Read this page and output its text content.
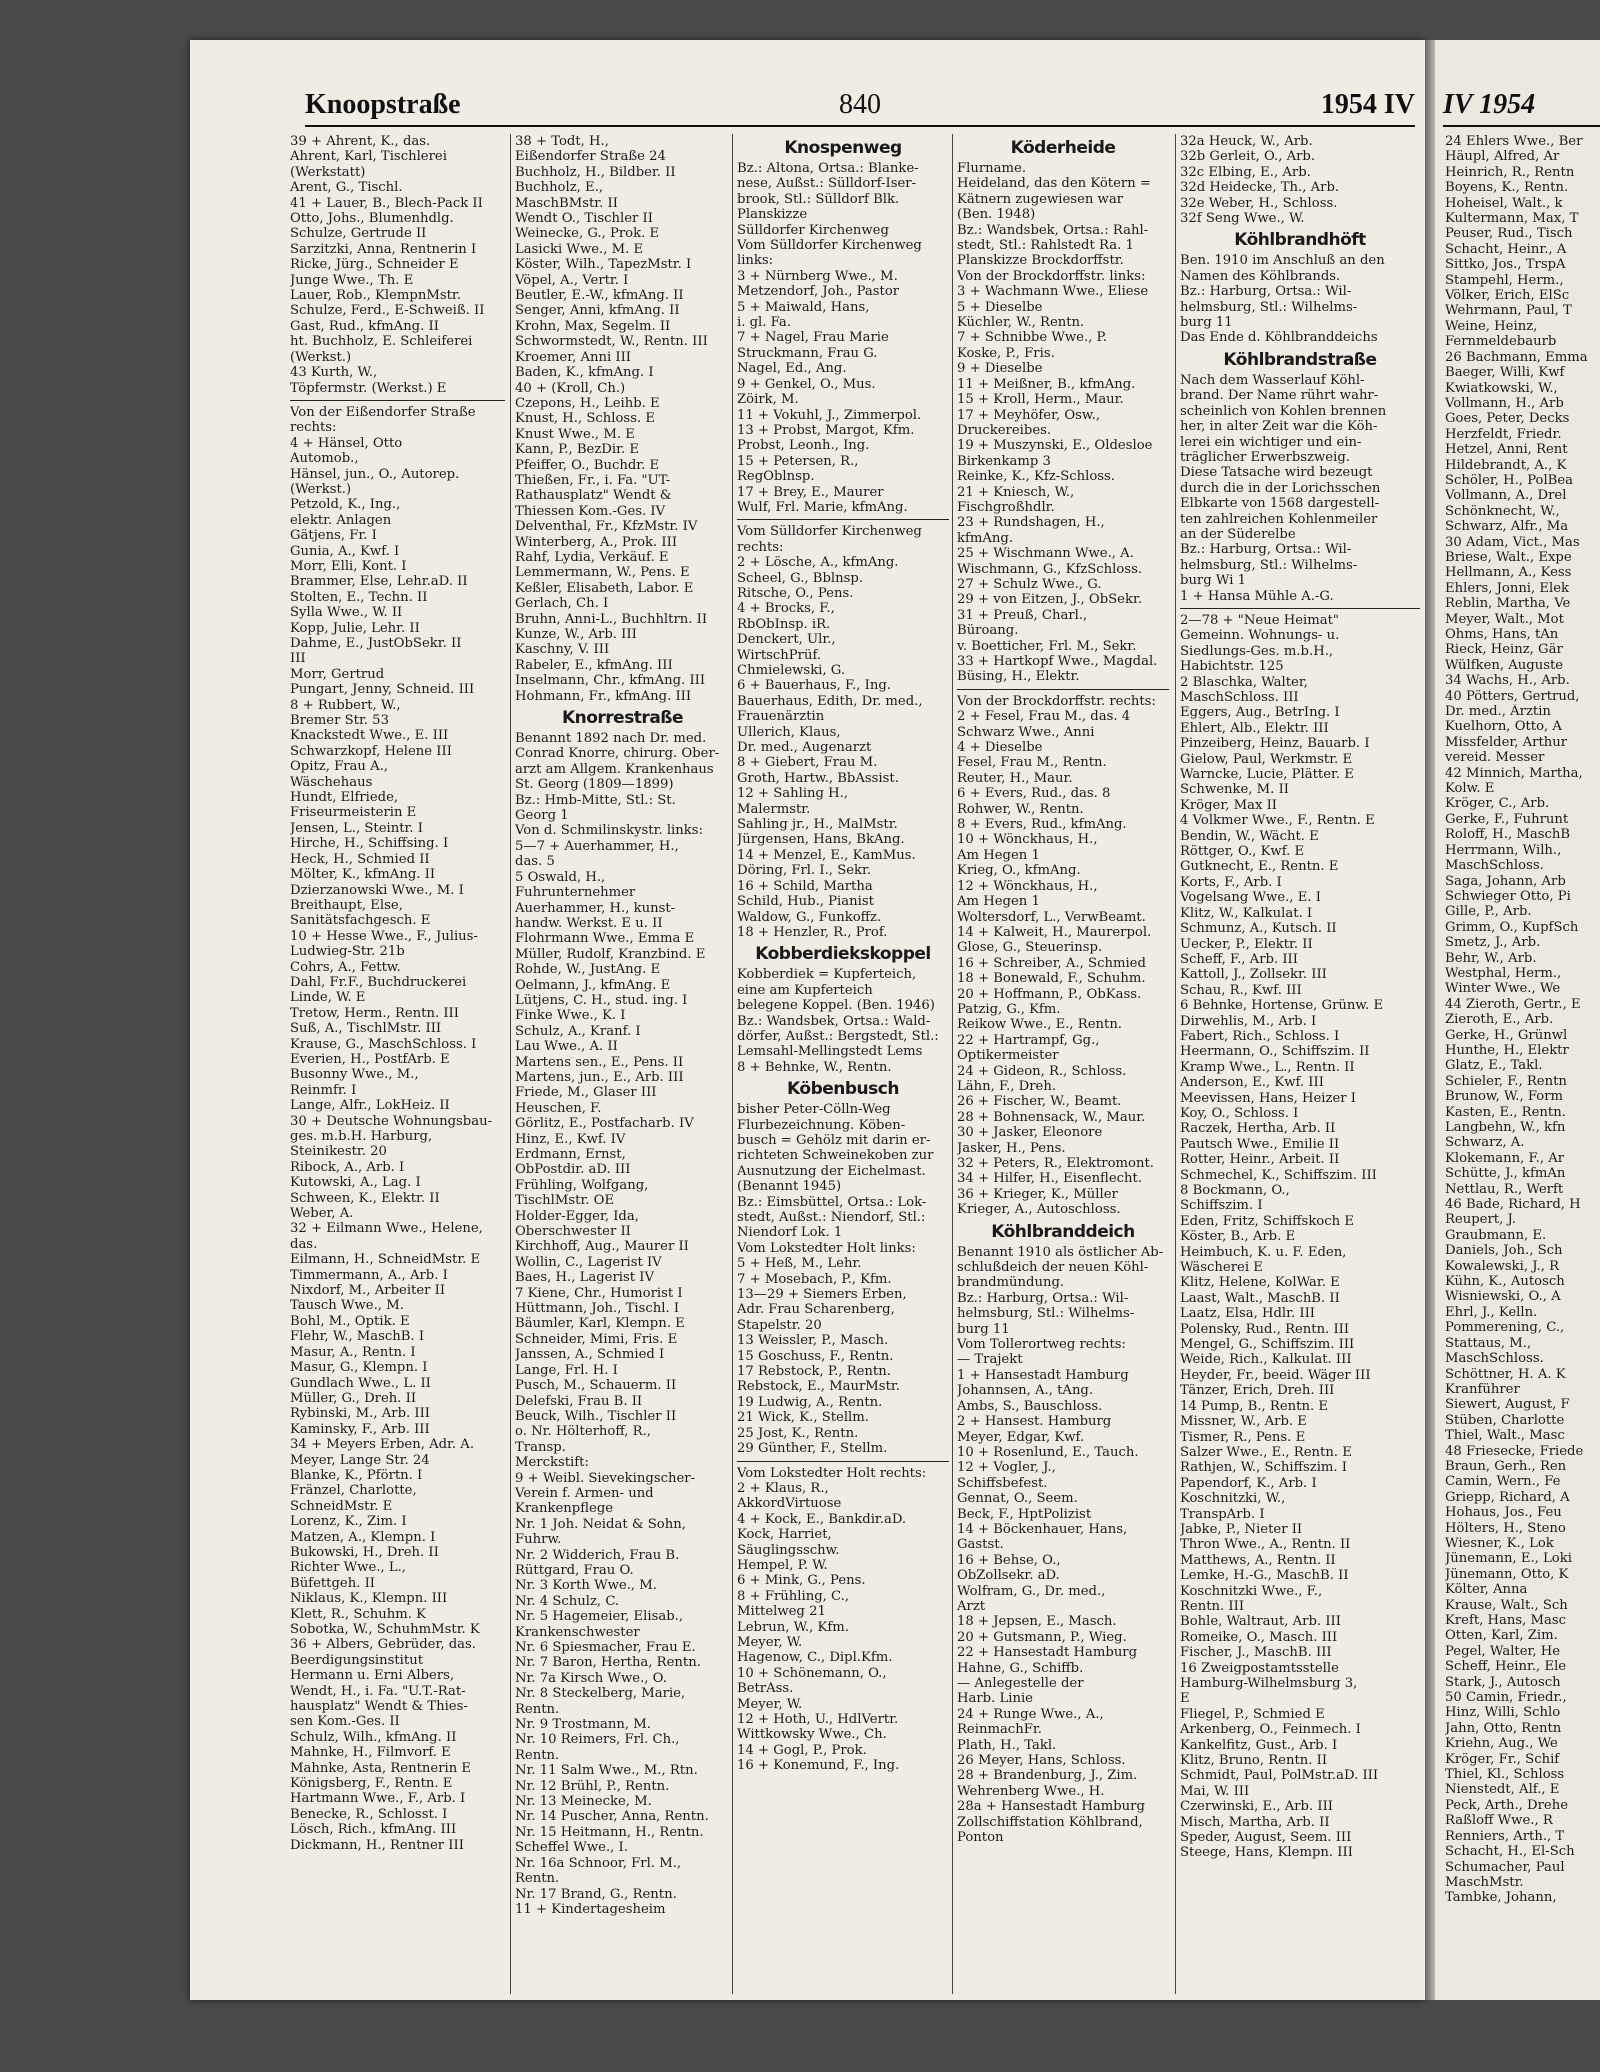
Knoopstraße	840	1954 IV
39 + Ahrent, K., das.
Ahrent, Karl, Tischlerei
(Werkstatt)
Arent, G., Tischl.
41 + Lauer, B., Blech-Pack II
Otto, Johs., Blumenhdlg.
Schulze, Gertrude II
Sarzitzki, Anna, Rentnerin I
Ricke, Jürg., Schneider E
Junge Wwe., Th. E
Lauer, Rob., KlempnMstr.
Schulze, Ferd., E-Schweiß. II
Gast, Rud., kfmAng. II
ht. Buchholz, E. Schleiferei
(Werkst.)
43 Kurth, W.,
Töpfermstr. (Werkst.) E
Von der Eißendorfer Straße
rechts:
4 + Hänsel, Otto
Automob.,
Hänsel, jun., O., Autorep.
(Werkst.)
Petzold, K., Ing.,
elektr. Anlagen
Gätjens, Fr. I
Gunia, A., Kwf. I
Morr, Elli, Kont. I
Brammer, Else, Lehr.aD. II
Stolten, E., Techn. II
Sylla Wwe., W. II
Kopp, Julie, Lehr. II
Dahme, E., JustObSekr. II
III
Morr, Gertrud
Pungart, Jenny, Schneid. III
8 + Rubbert, W.,
Bremer Str. 53
Knackstedt Wwe., E. III
Schwarzkopf, Helene III
Opitz, Frau A.,
Wäschehaus
Hundt, Elfriede,
Friseurmeisterin E
Jensen, L., Steintr. I
Hirche, H., Schiffsing. I
Heck, H., Schmied II
Mölter, K., kfmAng. II
Dzierzanowski Wwe., M. I
Breithaupt, Else,
Sanitätsfachgesch. E
10 + Hesse Wwe., F., Julius-
Ludwieg-Str. 21b
Cohrs, A., Fettw.
Dahl, Fr.F., Buchdruckerei
Linde, W. E
Tretow, Herm., Rentn. III
Suß, A., TischlMstr. III
Krause, G., MaschSchloss. I
Everien, H., PostfArb. E
Busonny Wwe., M.,
Reinmfr. I
Lange, Alfr., LokHeiz. II
30 + Deutsche Wohnungsbau-
ges. m.b.H. Harburg,
Steinikestr. 20
Ribock, A., Arb. I
Kutowski, A., Lag. I
Schween, K., Elektr. II
Weber, A.
32 + Eilmann Wwe., Helene,
das.
Eilmann, H., SchneidMstr. E
Timmermann, A., Arb. I
Nixdorf, M., Arbeiter II
Tausch Wwe., M.
Bohl, M., Optik. E
Flehr, W., MaschB. I
Masur, A., Rentn. I
Masur, G., Klempn. I
Gundlach Wwe., L. II
Müller, G., Dreh. II
Rybinski, M., Arb. III
Kaminsky, F., Arb. III
34 + Meyers Erben, Adr. A.
Meyer, Lange Str. 24
Blanke, K., Pförtn. I
Fränzel, Charlotte,
SchneidMstr. E
Lorenz, K., Zim. I
Matzen, A., Klempn. I
Bukowski, H., Dreh. II
Richter Wwe., L.,
Büfettgeh. II
Niklaus, K., Klempn. III
Klett, R., Schuhm. K
Sobotka, W., SchuhmMstr. K
36 + Albers, Gebrüder, das.
Beerdigungsinstitut
Hermann u. Erni Albers,
Wendt, H., i. Fa. "U.T.-Rat-
hausplatz" Wendt & Thies-
sen Kom.-Ges. II
Schulz, Wilh., kfmAng. II
Mahnke, H., Filmvorf. E
Mahnke, Asta, Rentnerin E
Königsberg, F., Rentn. E
Hartmann Wwe., F., Arb. I
Benecke, R., Schlosst. I
Lösch, Rich., kfmAng. III
Dickmann, H., Rentner III
38 + Todt, H.,
Eißendorfer Straße 24
Buchholz, H., Bildber. II
Buchholz, E.,
MaschBMstr. II
Wendt O., Tischler II
Weinecke, G., Prok. E
Lasicki Wwe., M. E
Köster, Wilh., TapezMstr. I
Vöpel, A., Vertr. I
Beutler, E.-W., kfmAng. II
Senger, Anni, kfmAng. II
Krohn, Max, Segelm. II
Schwormstedt, W., Rentn. III
Kroemer, Anni III
Baden, K., kfmAng. I
40 + (Kroll, Ch.)
Czepons, H., Leihb. E
Knust, H., Schloss. E
Knust Wwe., M. E
Kann, P., BezDir. E
Pfeiffer, O., Buchdr. E
Thießen, Fr., i. Fa. "UT-
Rathausplatz" Wendt &
Thiessen Kom.-Ges. IV
Delventhal, Fr., KfzMstr. IV
Winterberg, A., Prok. III
Rahf, Lydia, Verkäuf. E
Lemmermann, W., Pens. E
Keßler, Elisabeth, Labor. E
Gerlach, Ch. I
Bruhn, Anni-L., Buchhltrn. II
Kunze, W., Arb. III
Kaschny, V. III
Rabeler, E., kfmAng. III
Inselmann, Chr., kfmAng. III
Hohmann, Fr., kfmAng. III
Knorrestraße
Benannt 1892 nach Dr. med.
Conrad Knorre, chirurg. Ober-
arzt am Allgem. Krankenhaus
St. Georg (1809—1899)
Bz.: Hmb-Mitte, Stl.: St.
Georg 1
Von d. Schmilinskystr. links:
5—7 + Auerhammer, H.,
das. 5
5 Oswald, H.,
Fuhrunternehmer
Auerhammer, H., kunst-
handw. Werkst. E u. II
Flohrmann Wwe., Emma E
Müller, Rudolf, Kranzbind. E
Rohde, W., JustAng. E
Oelmann, J., kfmAng. E
Lütjens, C. H., stud. ing. I
Finke Wwe., K. I
Schulz, A., Kranf. I
Lau Wwe., A. II
Martens sen., E., Pens. II
Martens, jun., E., Arb. III
Friede, M., Glaser III
Heuschen, F.
Görlitz, E., Postfacharb. IV
Hinz, E., Kwf. IV
Erdmann, Ernst,
ObPostdir. aD. III
Frühling, Wolfgang,
TischlMstr. OE
Holder-Egger, Ida,
Oberschwester II
Kirchhoff, Aug., Maurer II
Wollin, C., Lagerist IV
Baes, H., Lagerist IV
7 Kiene, Chr., Humorist I
Hüttmann, Joh., Tischl. I
Bäumler, Karl, Klempn. E
Schneider, Mimi, Fris. E
Janssen, A., Schmied I
Lange, Frl. H. I
Pusch, M., Schauerm. II
Delefski, Frau B. II
Beuck, Wilh., Tischler II
o. Nr. Hölterhoff, R.,
Transp.
Merckstift:
9 + Weibl. Sievekingscher-
Verein f. Armen- und
Krankenpflege
Nr. 1 Joh. Neidat & Sohn,
Fuhrw.
Nr. 2 Widderich, Frau B.
Rüttgard, Frau O.
Nr. 3 Korth Wwe., M.
Nr. 4 Schulz, C.
Nr. 5 Hagemeier, Elisab.,
Krankenschwester
Nr. 6 Spiesmacher, Frau E.
Nr. 7 Baron, Hertha, Rentn.
Nr. 7a Kirsch Wwe., O.
Nr. 8 Steckelberg, Marie,
Rentn.
Nr. 9 Trostmann, M.
Nr. 10 Reimers, Frl. Ch.,
Rentn.
Nr. 11 Salm Wwe., M., Rtn.
Nr. 12 Brühl, P., Rentn.
Nr. 13 Meinecke, M.
Nr. 14 Puscher, Anna, Rentn.
Nr. 15 Heitmann, H., Rentn.
Scheffel Wwe., I.
Nr. 16a Schnoor, Frl. M.,
Rentn.
Nr. 17 Brand, G., Rentn.
11 + Kindertagesheim
Knospenweg
Bz.: Altona, Ortsa.: Blanke-
nese, Außst.: Sülldorf-Iser-
brook, Stl.: Sülldorf Blk.
Planskizze
Sülldorfer Kirchenweg
Vom Sülldorfer Kirchenweg
links:
3 + Nürnberg Wwe., M.
Metzendorf, Joh., Pastor
5 + Maiwald, Hans,
i. gl. Fa.
7 + Nagel, Frau Marie
Struckmann, Frau G.
Nagel, Ed., Ang.
9 + Genkel, O., Mus.
Zöirk, M.
11 + Vokuhl, J., Zimmerpol.
13 + Probst, Margot, Kfm.
Probst, Leonh., Ing.
15 + Petersen, R.,
RegOblnsp.
17 + Brey, E., Maurer
Wulf, Frl. Marie, kfmAng.
Vom Sülldorfer Kirchenweg
rechts:
2 + Lösche, A., kfmAng.
Scheel, G., Bblnsp.
Ritsche, O., Pens.
4 + Brocks, F.,
RbObInsp. iR.
Denckert, Ulr.,
WirtschPrüf.
Chmielewski, G.
6 + Bauerhaus, F., Ing.
Bauerhaus, Edith, Dr. med.,
Frauenärztin
Ullerich, Klaus,
Dr. med., Augenarzt
8 + Giebert, Frau M.
Groth, Hartw., BbAssist.
12 + Sahling H.,
Malermstr.
Sahling jr., H., MalMstr.
Jürgensen, Hans, BkAng.
14 + Menzel, E., KamMus.
Döring, Frl. I., Sekr.
16 + Schild, Martha
Schild, Hub., Pianist
Waldow, G., Funkoffz.
18 + Henzler, R., Prof.
Kobberdiekskoppel
Kobberdiek = Kupferteich,
eine am Kupferteich
belegene Koppel. (Ben. 1946)
Bz.: Wandsbek, Ortsa.: Wald-
dörfer, Außst.: Bergstedt, Stl.:
Lemsahl-Mellingstedt Lems
8 + Behnke, W., Rentn.
Köbenbusch
bisher Peter-Cölln-Weg
Flurbezeichnung. Köben-
busch = Gehölz mit darin er-
richteten Schweinekoben zur
Ausnutzung der Eichelmast.
(Benannt 1945)
Bz.: Eimsbüttel, Ortsa.: Lok-
stedt, Außst.: Niendorf, Stl.:
Niendorf Lok. 1
Vom Lokstedter Holt links:
5 + Heß, M., Lehr.
7 + Mosebach, P., Kfm.
13—29 + Siemers Erben,
Adr. Frau Scharenberg,
Stapelstr. 20
13 Weissler, P., Masch.
15 Goschuss, F., Rentn.
17 Rebstock, P., Rentn.
Rebstock, E., MaurMstr.
19 Ludwig, A., Rentn.
21 Wick, K., Stellm.
25 Jost, K., Rentn.
29 Günther, F., Stellm.
Vom Lokstedter Holt rechts:
2 + Klaus, R.,
AkkordVirtuose
4 + Kock, E., Bankdir.aD.
Kock, Harriet,
Säuglingsschw.
Hempel, P. W.
6 + Mink, G., Pens.
8 + Frühling, C.,
Mittelweg 21
Lebrun, W., Kfm.
Meyer, W.
Hagenow, C., Dipl.Kfm.
10 + Schönemann, O.,
BetrAss.
Meyer, W.
12 + Hoth, U., HdlVertr.
Wittkowsky Wwe., Ch.
14 + Gogl, P., Prok.
16 + Konemund, F., Ing.
Köderheide
Flurname.
Heideland, das den Kötern =
Kätnern zugewiesen war
(Ben. 1948)
Bz.: Wandsbek, Ortsa.: Rahl-
stedt, Stl.: Rahlstedt Ra. 1
Planskizze Brockdorffstr.
Von der Brockdorffstr. links:
3 + Wachmann Wwe., Eliese
5 + Dieselbe
Küchler, W., Rentn.
7 + Schnibbe Wwe., P.
Koske, P., Fris.
9 + Dieselbe
11 + Meißner, B., kfmAng.
15 + Kroll, Herm., Maur.
17 + Meyhöfer, Osw.,
Druckereibes.
19 + Muszynski, E., Oldesloe
Birkenkamp 3
Reinke, K., Kfz-Schloss.
21 + Kniesch, W.,
Fischgroßhdlr.
23 + Rundshagen, H.,
kfmAng.
25 + Wischmann Wwe., A.
Wischmann, G., KfzSchloss.
27 + Schulz Wwe., G.
29 + von Eitzen, J., ObSekr.
31 + Preuß, Charl.,
Büroang.
v. Boetticher, Frl. M., Sekr.
33 + Hartkopf Wwe., Magdal.
Büsing, H., Elektr.
Von der Brockdorffstr. rechts:
2 + Fesel, Frau M., das. 4
Schwarz Wwe., Anni
4 + Dieselbe
Fesel, Frau M., Rentn.
Reuter, H., Maur.
6 + Evers, Rud., das. 8
Rohwer, W., Rentn.
8 + Evers, Rud., kfmAng.
10 + Wönckhaus, H.,
Am Hegen 1
Krieg, O., kfmAng.
12 + Wönckhaus, H.,
Am Hegen 1
Woltersdorf, L., VerwBeamt.
14 + Kalweit, H., Maurerpol.
Glose, G., Steuerinsp.
16 + Schreiber, A., Schmied
18 + Bonewald, F., Schuhm.
20 + Hoffmann, P., ObKass.
Patzig, G., Kfm.
Reikow Wwe., E., Rentn.
22 + Hartrampf, Gg.,
Optikermeister
24 + Gideon, R., Schloss.
Lähn, F., Dreh.
26 + Fischer, W., Beamt.
28 + Bohnensack, W., Maur.
30 + Jasker, Eleonore
Jasker, H., Pens.
32 + Peters, R., Elektromont.
34 + Hilfer, H., Eisenflecht.
36 + Krieger, K., Müller
Krieger, A., Autoschloss.
Köhlbranddeich
Benannt 1910 als östlicher Ab-
schlußdeich der neuen Köhl-
brandmündung.
Bz.: Harburg, Ortsa.: Wil-
helmsburg, Stl.: Wilhelms-
burg 11
Vom Tollerortweg rechts:
— Trajekt
1 + Hansestadt Hamburg
Johannsen, A., tAng.
Ambs, S., Bauschloss.
2 + Hansest. Hamburg
Meyer, Edgar, Kwf.
10 + Rosenlund, E., Tauch.
12 + Vogler, J.,
Schiffsbefest.
Gennat, O., Seem.
Beck, F., HptPolizist
14 + Böckenhauer, Hans,
Gastst.
16 + Behse, O.,
ObZollsekr. aD.
Wolfram, G., Dr. med.,
Arzt
18 + Jepsen, E., Masch.
20 + Gutsmann, P., Wieg.
22 + Hansestadt Hamburg
Hahne, G., Schiffb.
— Anlegestelle der
Harb. Linie
24 + Runge Wwe., A.,
ReinmachFr.
Plath, H., Takl.
26 Meyer, Hans, Schloss.
28 + Brandenburg, J., Zim.
Wehrenberg Wwe., H.
28a + Hansestadt Hamburg
Zollschiffstation Köhlbrand,
Ponton
32a Heuck, W., Arb.
32b Gerleit, O., Arb.
32c Elbing, E., Arb.
32d Heidecke, Th., Arb.
32e Weber, H., Schloss.
32f Seng Wwe., W.
Köhlbrandhöft
Ben. 1910 im Anschluß an den
Namen des Köhlbrands.
Bz.: Harburg, Ortsa.: Wil-
helmsburg, Stl.: Wilhelms-
burg 11
Das Ende d. Köhlbranddeichs
Köhlbrandstraße
Nach dem Wasserlauf Köhl-
brand. Der Name rührt wahr-
scheinlich von Kohlen brennen
her, in alter Zeit war die Köh-
lerei ein wichtiger und ein-
träglicher Erwerbszweig.
Diese Tatsache wird bezeugt
durch die in der Lorichsschen
Elbkarte von 1568 dargestell-
ten zahlreichen Kohlenmeiler
an der Süderelbe
Bz.: Harburg, Ortsa.: Wil-
helmsburg, Stl.: Wilhelms-
burg Wi 1
1 + Hansa Mühle A.-G.
2—78 + "Neue Heimat"
Gemeinn. Wohnungs- u.
Siedlungs-Ges. m.b.H.,
Habichtstr. 125
2 Blaschka, Walter,
MaschSchloss. III
Eggers, Aug., BetrIng. I
Ehlert, Alb., Elektr. III
Pinzeiberg, Heinz, Bauarb. I
Gielow, Paul, Werkmstr. E
Warncke, Lucie, Plätter. E
Schwenke, M. II
Kröger, Max II
4 Volkmer Wwe., F., Rentn. E
Bendin, W., Wächt. E
Röttger, O., Kwf. E
Gutknecht, E., Rentn. E
Korts, F., Arb. I
Vogelsang Wwe., E. I
Klitz, W., Kalkulat. I
Schmunz, A., Kutsch. II
Uecker, P., Elektr. II
Scheff, F., Arb. III
Kattoll, J., Zollsekr. III
Schau, R., Kwf. III
6 Behnke, Hortense, Grünw. E
Dirwehlis, M., Arb. I
Fabert, Rich., Schloss. I
Heermann, O., Schiffszim. II
Kramp Wwe., L., Rentn. II
Anderson, E., Kwf. III
Meevissen, Hans, Heizer I
Koy, O., Schloss. I
Raczek, Hertha, Arb. II
Pautsch Wwe., Emilie II
Rotter, Heinr., Arbeit. II
Schmechel, K., Schiffszim. III
8 Bockmann, O.,
Schiffszim. I
Eden, Fritz, Schiffskoch E
Köster, B., Arb. E
Heimbuch, K. u. F. Eden,
Wäscherei E
Klitz, Helene, KolWar. E
Laast, Walt., MaschB. II
Laatz, Elsa, Hdlr. III
Polensky, Rud., Rentn. III
Mengel, G., Schiffszim. III
Weide, Rich., Kalkulat. III
Heyder, Fr., beeid. Wäger III
Tänzer, Erich, Dreh. III
14 Pump, B., Rentn. E
Missner, W., Arb. E
Tismer, R., Pens. E
Salzer Wwe., E., Rentn. E
Rathjen, W., Schiffszim. I
Papendorf, K., Arb. I
Koschnitzki, W.,
TranspArb. I
Jabke, P., Nieter II
Thron Wwe., A., Rentn. II
Matthews, A., Rentn. II
Lemke, H.-G., MaschB. II
Koschnitzki Wwe., F.,
Rentn. III
Bohle, Waltraut, Arb. III
Romeike, O., Masch. III
Fischer, J., MaschB. III
16 Zweigpostamtsstelle
Hamburg-Wilhelmsburg 3,
E
Fliegel, P., Schmied E
Arkenberg, O., Feinmech. I
Kankelfitz, Gust., Arb. I
Klitz, Bruno, Rentn. II
Schmidt, Paul, PolMstr.aD. III
Mai, W. III
Czerwinski, E., Arb. III
Misch, Martha, Arb. II
Speder, August, Seem. III
Steege, Hans, Klempn. III
IV 1954
24 Ehlers Wwe., Ber
Häupl, Alfred, Ar
Heinrich, R., Rentn
Boyens, K., Rentn.
Hoheisel, Walt., k
Kultermann, Max, T
Peuser, Rud., Tisch
Schacht, Heinr., A
Sittko, Jos., TrspA
Stampehl, Herm.,
Völker, Erich, ElSc
Wehrmann, Paul, T
Weine, Heinz,
Fernmeldebaurb
26 Bachmann, Emma
Baeger, Willi, Kwf
Kwiatkowski, W.,
Vollmann, H., Arb
Goes, Peter, Decks
Herzfeldt, Friedr.
Hetzel, Anni, Rent
Hildebrandt, A., K
Schöler, H., PolBea
Vollmann, A., Drel
Schönknecht, W.,
Schwarz, Alfr., Ma
30 Adam, Vict., Mas
Briese, Walt., Expe
Hellmann, A., Kess
Ehlers, Jonni, Elek
Reblin, Martha, Ve
Meyer, Walt., Mot
Ohms, Hans, tAn
Rieck, Heinz, Gär
Wülfken, Auguste
34 Wachs, H., Arb.
40 Pötters, Gertrud,
Dr. med., Ärztin
Kuelhorn, Otto, A
Missfelder, Arthur
vereid. Messer
42 Minnich, Martha,
Kolw. E
Kröger, C., Arb.
Gerke, F., Fuhrunt
Roloff, H., MaschB
Herrmann, Wilh.,
MaschSchloss.
Saga, Johann, Arb
Schwieger Otto, Pi
Gille, P., Arb.
Grimm, O., KupfSch
Smetz, J., Arb.
Behr, W., Arb.
Westphal, Herm.,
Winter Wwe., We
44 Zieroth, Gertr., E
Zieroth, E., Arb.
Gerke, H., Grünwl
Hunthe, H., Elektr
Glatz, E., Takl.
Schieler, F., Rentn
Brunow, W., Form
Kasten, E., Rentn.
Langbehn, W., kfn
Schwarz, A.
Klokemann, F., Ar
Schütte, J., kfmAn
Nettlau, R., Werft
46 Bade, Richard, H
Reupert, J.
Graubmann, E.
Daniels, Joh., Sch
Kowalewski, J., R
Kühn, K., Autosch
Wisniewski, O., A
Ehrl, J., Kelln.
Pommerening, C.,
Stattaus, M.,
MaschSchloss.
Schöttner, H. A. K
Kranführer
Siewert, August, F
Stüben, Charlotte
Thiel, Walt., Masc
48 Friesecke, Friede
Braun, Gerh., Ren
Camin, Wern., Fe
Griepp, Richard, A
Hohaus, Jos., Feu
Hölters, H., Steno
Wiesner, K., Lok
Jünemann, E., Loki
Jünemann, Otto, K
Költer, Anna
Krause, Walt., Sch
Kreft, Hans, Masc
Otten, Karl, Zim.
Pegel, Walter, He
Scheff, Heinr., Ele
Stark, J., Autosch
50 Camin, Friedr.,
Hinz, Willi, Schlo
Jahn, Otto, Rentn
Kriehn, Aug., We
Kröger, Fr., Schif
Thiel, Kl., Schloss
Nienstedt, Alf., E
Peck, Arth., Drehe
Raßloff Wwe., R
Renniers, Arth., T
Schacht, H., El-Sch
Schumacher, Paul
MaschMstr.
Tambke, Johann,
